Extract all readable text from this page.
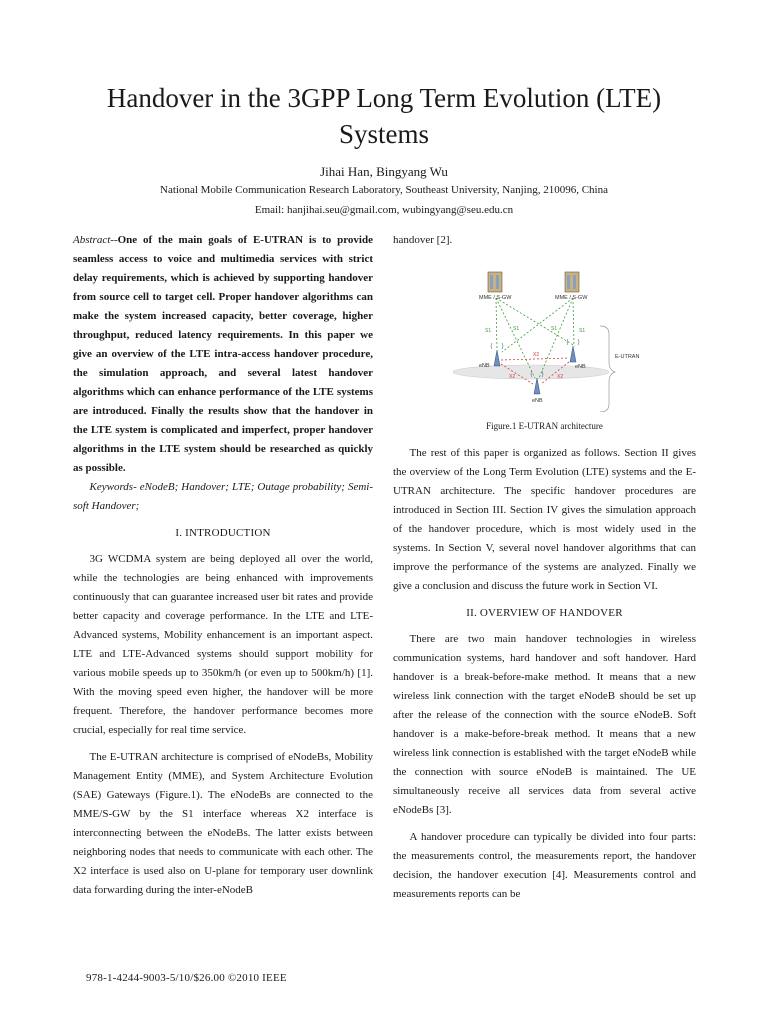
Handover in the 3GPP Long Term Evolution (LTE) Systems
Jihai Han, Bingyang Wu
National Mobile Communication Research Laboratory, Southeast University, Nanjing, 210096, China
Email: hanjihai.seu@gmail.com, wubingyang@seu.edu.cn

Abstract--One of the main goals of E-UTRAN is to provide seamless access to voice and multimedia services with strict delay requirements, which is achieved by supporting handover from source cell to target cell. Proper handover algorithms can make the system increased capacity, better coverage, higher throughput, reduced latency requirements. In this paper we give an overview of the LTE intra-access handover procedure, the simulation approach, and several latest handover algorithms which can enhance performance of the LTE systems are introduced. Finally the results show that the handover in the LTE system is complicated and imperfect, proper handover algorithms in the LTE system should be researched as quickly as possible.

Keywords- eNodeB; Handover; LTE; Outage probability; Semi-soft Handover;

I. INTRODUCTION

3G WCDMA system are being deployed all over the world, while the technologies are being enhanced with improvements continuously that can guarantee increased user bit rates and provide better capacity and coverage performance. In the LTE and LTE-Advanced systems, Mobility enhancement is an important aspect. LTE and LTE-Advanced systems should support mobility for various mobile speeds up to 350km/h (or even up to 500km/h) [1]. With the moving speed even higher, the handover will be more frequent. Therefore, the handover performance becomes more crucial, especially for real time service.

The E-UTRAN architecture is comprised of eNodeBs, Mobility Management Entity (MME), and System Architecture Evolution (SAE) Gateways (Figure.1). The eNodeBs are connected to the MME/S-GW by the S1 interface whereas X2 interface is interconnecting between the eNodeBs. The latter exists between neighboring nodes that needs to communicate with each other. The X2 interface is used also on U-plane for temporary user downlink data forwarding during the inter-eNodeB

handover [2].

S1	S1	S1	S1
X2
X2	X2
MME / S-GW	MME / S-GW
eNB	eNB
eNB
E-UTRAN

Figure.1 E-UTRAN architecture

The rest of this paper is organized as follows. Section II gives the overview of the Long Term Evolution (LTE) systems and the E-UTRAN architecture. The specific handover procedures are introduced in Section III. Section IV gives the simulation approach of the handover procedure, which is most widely used in the systems. In Section V, several novel handover algorithms that can improve the performance of the systems are analyzed. Finally we give a conclusion and discuss the future work in Section VI.

II. OVERVIEW OF HANDOVER

There are two main handover technologies in wireless communication systems, hard handover and soft handover. Hard handover is a break-before-make method. It means that a new wireless link connection with the target eNodeB should be set up after the release of the connection with the source eNodeB. Soft handover is a make-before-break method. It means that a new wireless link connection is established with the target eNodeB while the connection with source eNodeB is maintained. The UE simultaneously receive all services data from several active eNodeBs [3].

A handover procedure can typically be divided into four parts: the measurements control, the measurements report, the handover decision, the handover execution [4]. Measurements control and measurements reports can be

978-1-4244-9003-5/10/$26.00 ©2010 IEEE
